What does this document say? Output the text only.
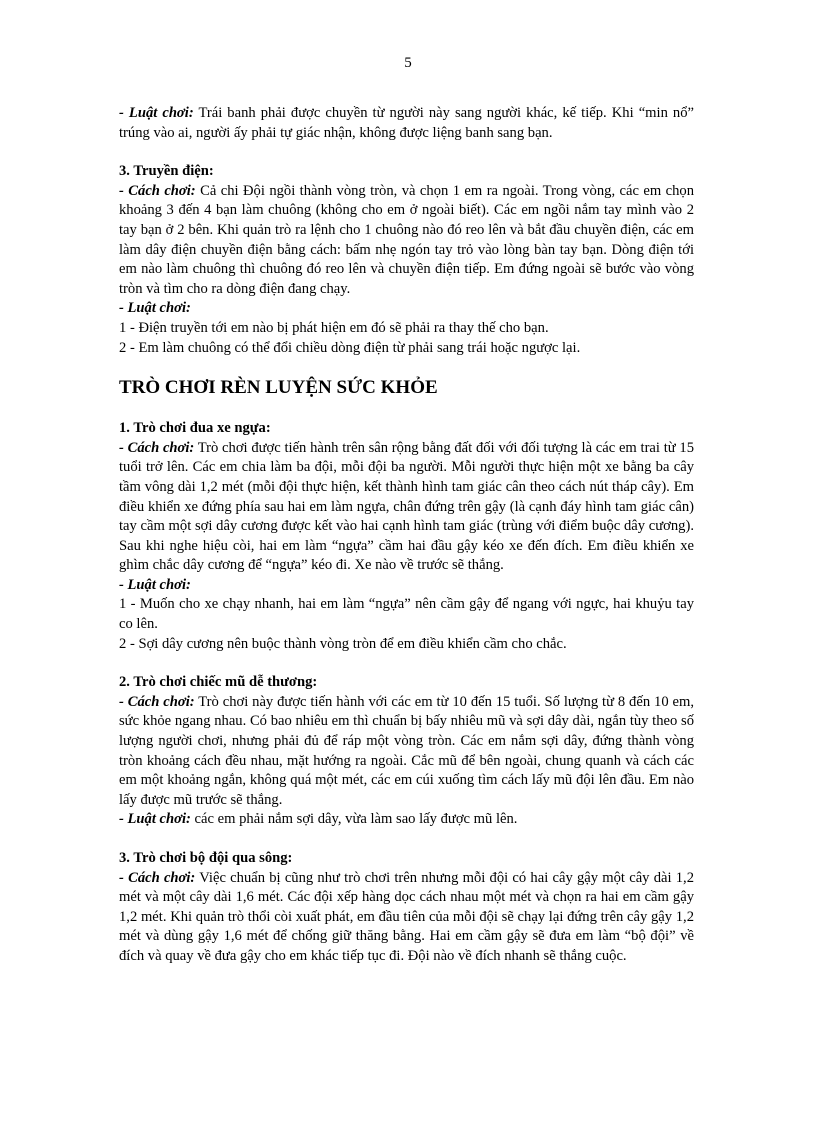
5

- Luật chơi: Trái banh phải được chuyền từ người này sang người khác, kế tiếp. Khi “min nổ” trúng vào ai, người ấy phải tự giác nhận, không được liệng banh sang bạn.

3. Truyền điện:

- Cách chơi: Cả chi Đội ngồi thành vòng tròn, và chọn 1 em ra ngoài. Trong vòng, các em chọn khoảng 3 đến 4 bạn làm chuông (không cho em ở ngoài biết). Các em ngồi nắm tay mình vào 2 tay bạn ở 2 bên. Khi quản trò ra lệnh cho 1 chuông nào đó reo lên và bắt đầu chuyền điện, các em làm dây điện chuyền điện bằng cách: bấm nhẹ ngón tay trỏ vào lòng bàn tay bạn. Dòng điện tới em nào làm chuông thì chuông đó reo lên và chuyền điện tiếp. Em đứng ngoài sẽ bước vào vòng tròn và tìm cho ra dòng điện đang chạy.

- Luật chơi:

1 - Điện truyền tới em nào bị phát hiện em đó sẽ phải ra thay thế cho bạn.

2 - Em làm chuông có thể đổi chiều dòng điện từ phải sang trái hoặc ngược lại.

TRÒ CHƠI RÈN LUYỆN SỨC KHỎE

1. Trò chơi đua xe ngựa:

- Cách chơi: Trò chơi được tiến hành trên sân rộng bằng đất đối với đối tượng là các em trai từ 15 tuổi trở lên. Các em chia làm ba đội, mỗi đội ba người. Mỗi người thực hiện một xe bằng ba cây tầm vông dài 1,2 mét (mỗi đội thực hiện, kết thành hình tam giác cân theo cách nút tháp cây). Em điều khiển xe đứng phía sau hai em làm ngựa, chân đứng trên gậy (là cạnh đáy hình tam giác cân) tay cầm một sợi dây cương được kết vào hai cạnh hình tam giác (trùng với điểm buộc dây cương). Sau khi nghe hiệu còi, hai em làm “ngựa” cầm hai đầu gậy kéo xe đến đích. Em điều khiển xe ghìm chắc dây cương để “ngựa” kéo đi. Xe nào về trước sẽ thắng.

- Luật chơi:

1 - Muốn cho xe chạy nhanh, hai em làm “ngựa” nên cầm gậy để ngang với ngực, hai khuỷu tay co lên.

2 - Sợi dây cương nên buộc thành vòng tròn để em điều khiển cầm cho chắc.

2. Trò chơi chiếc mũ dễ thương:

- Cách chơi: Trò chơi này được tiến hành với các em từ 10 đến 15 tuổi. Số lượng từ 8 đến 10 em, sức khỏe ngang nhau. Có bao nhiêu em thì chuẩn bị bấy nhiêu mũ và sợi dây dài, ngắn tùy theo số lượng người chơi, nhưng phải đủ để ráp một vòng tròn. Các em nắm sợi dây, đứng thành vòng tròn khoảng cách đều nhau, mặt hướng ra ngoài. Cắc mũ để bên ngoài, chung quanh và cách các em một khoảng ngắn, không quá một mét, các em cúi xuống tìm cách lấy mũ đội lên đầu. Em nào lấy được mũ trước sẽ thắng.

- Luật chơi: các em phải nắm sợi dây, vừa làm sao lấy được mũ lên.

3. Trò chơi bộ đội qua sông:

- Cách chơi: Việc chuẩn bị cũng như trò chơi trên nhưng mỗi đội có hai cây gậy một cây dài 1,2 mét và một cây dài 1,6 mét. Các đội xếp hàng dọc cách nhau một mét và chọn ra hai em cầm gậy 1,2 mét. Khi quản trò thổi còi xuất phát, em đầu tiên của mỗi đội sẽ chạy lại đứng trên cây gậy 1,2 mét và dùng gậy 1,6 mét để chống giữ thăng bằng. Hai em cầm gậy sẽ đưa em làm “bộ đội” về đích và quay về đưa gậy cho em khác tiếp tục đi. Đội nào về đích nhanh sẽ thắng cuộc.
